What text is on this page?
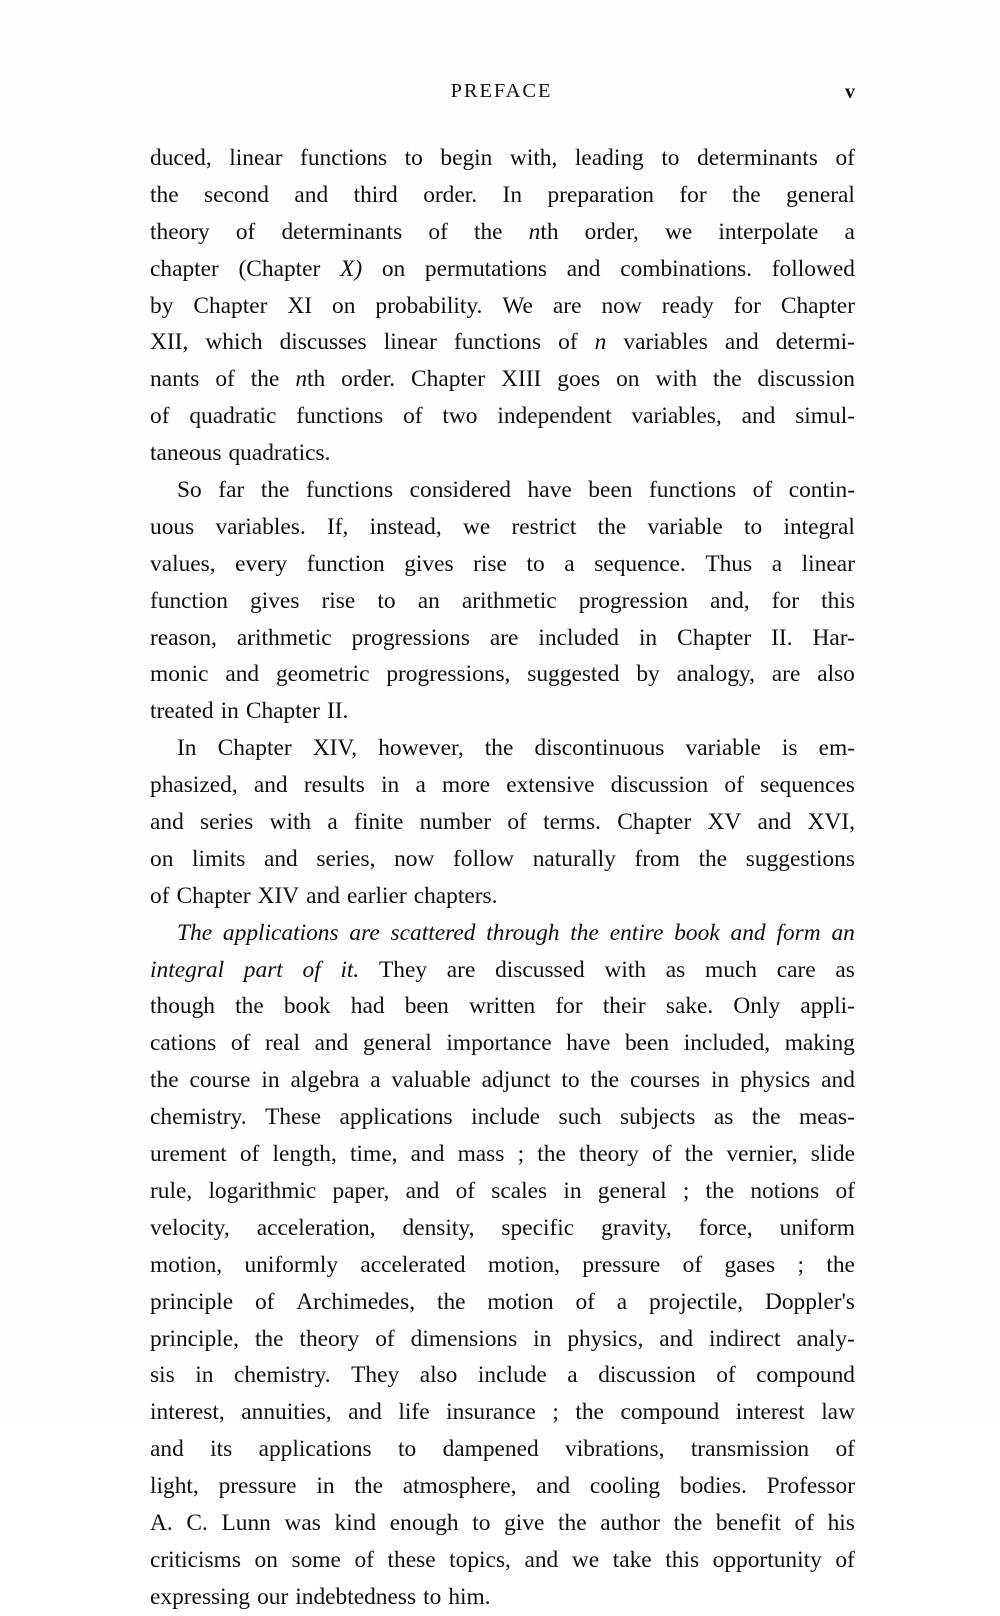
PREFACE	v
duced, linear functions to begin with, leading to determinants of
the second and third order. In preparation for the general
theory of determinants of the nth order, we interpolate a
chapter (Chapter X) on permutations and combinations. followed
by Chapter XI on probability. We are now ready for Chapter
XII, which discusses linear functions of n variables and determi-
nants of the nth order. Chapter XIII goes on with the discussion
of quadratic functions of two independent variables, and simul-
taneous quadratics.
So far the functions considered have been functions of contin-
uous variables. If, instead, we restrict the variable to integral
values, every function gives rise to a sequence. Thus a linear
function gives rise to an arithmetic progression and, for this
reason, arithmetic progressions are included in Chapter II. Har-
monic and geometric progressions, suggested by analogy, are also
treated in Chapter II.
In Chapter XIV, however, the discontinuous variable is em-
phasized, and results in a more extensive discussion of sequences
and series with a finite number of terms. Chapter XV and XVI,
on limits and series, now follow naturally from the suggestions
of Chapter XIV and earlier chapters.
The applications are scattered through the entire book and form an
integral part of it. They are discussed with as much care as
though the book had been written for their sake. Only appli-
cations of real and general importance have been included, making
the course in algebra a valuable adjunct to the courses in physics and
chemistry. These applications include such subjects as the meas-
urement of length, time, and mass ; the theory of the vernier, slide
rule, logarithmic paper, and of scales in general ; the notions of
velocity, acceleration, density, specific gravity, force, uniform
motion, uniformly accelerated motion, pressure of gases ; the
principle of Archimedes, the motion of a projectile, Doppler's
principle, the theory of dimensions in physics, and indirect analy-
sis in chemistry. They also include a discussion of compound
interest, annuities, and life insurance ; the compound interest law
and its applications to dampened vibrations, transmission of
light, pressure in the atmosphere, and cooling bodies. Professor
A. C. Lunn was kind enough to give the author the benefit of his
criticisms on some of these topics, and we take this opportunity of
expressing our indebtedness to him.
